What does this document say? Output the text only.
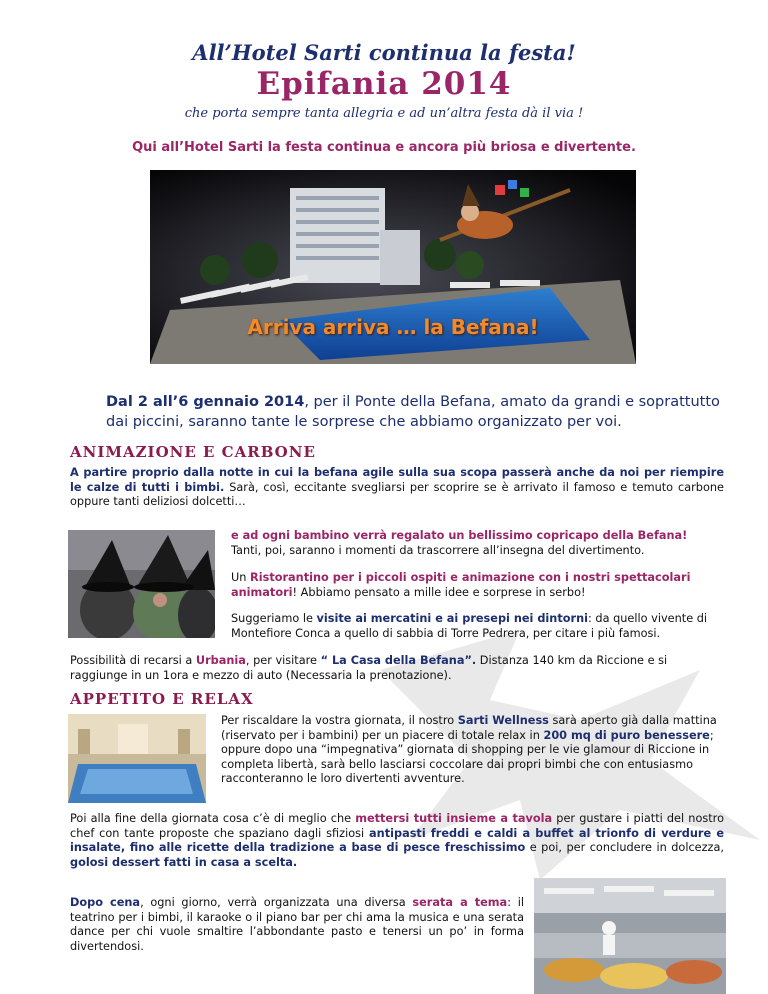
All’Hotel Sarti continua la festa!
Epifania 2014
che porta sempre tanta allegria e ad un’altra festa dà il via !
Qui all’Hotel Sarti la festa continua e ancora più briosa e divertente.
Arriva arriva … la Befana!
Dal 2 all’6 gennaio 2014, per il Ponte della Befana, amato da grandi e soprattutto dai piccini, saranno tante le sorprese che abbiamo organizzato per voi.
ANIMAZIONE E CARBONE
A partire proprio dalla notte in cui la befana agile sulla sua scopa passerà anche da noi per riempire le calze di tutti i bimbi. Sarà, così, eccitante svegliarsi per scoprire se è arrivato il famoso e temuto carbone oppure tanti deliziosi dolcetti…
e ad ogni bambino verrà regalato un bellissimo copricapo della Befana!
Tanti, poi, saranno i momenti da trascorrere all’insegna del divertimento.
Un Ristorantino per i piccoli ospiti e animazione con i nostri spettacolari animatori! Abbiamo pensato a mille idee e sorprese in serbo!
Suggeriamo le visite ai mercatini e ai presepi nei dintorni: da quello vivente di Montefiore Conca a quello di sabbia di Torre Pedrera, per citare i più famosi.
Possibilità di recarsi a Urbania, per visitare “ La Casa della Befana”. Distanza 140 km da Riccione e si raggiunge in un 1ora e mezzo di auto (Necessaria la prenotazione).
APPETITO E RELAX
Per riscaldare la vostra giornata, il nostro Sarti Wellness sarà aperto già dalla mattina (riservato per i bambini) per un piacere di totale relax in 200 mq di puro benessere; oppure dopo una “impegnativa” giornata di shopping per le vie glamour di Riccione in completa libertà, sarà bello lasciarsi coccolare dai propri bimbi che con entusiasmo racconteranno le loro divertenti avventure.
Poi alla fine della giornata cosa c’è di meglio che mettersi tutti insieme a tavola per gustare i piatti del nostro chef con tante proposte che spaziano dagli sfiziosi antipasti freddi e caldi a buffet al trionfo di verdure e insalate, fino alle ricette della tradizione a base di pesce freschissimo e poi, per concludere in dolcezza, golosi dessert fatti in casa a scelta.
Dopo cena, ogni giorno, verrà organizzata una diversa serata a tema: il teatrino per i bimbi, il karaoke o il piano bar per chi ama la musica e una serata dance per chi vuole smaltire l’abbondante pasto e tenersi un po’ in forma divertendosi.
